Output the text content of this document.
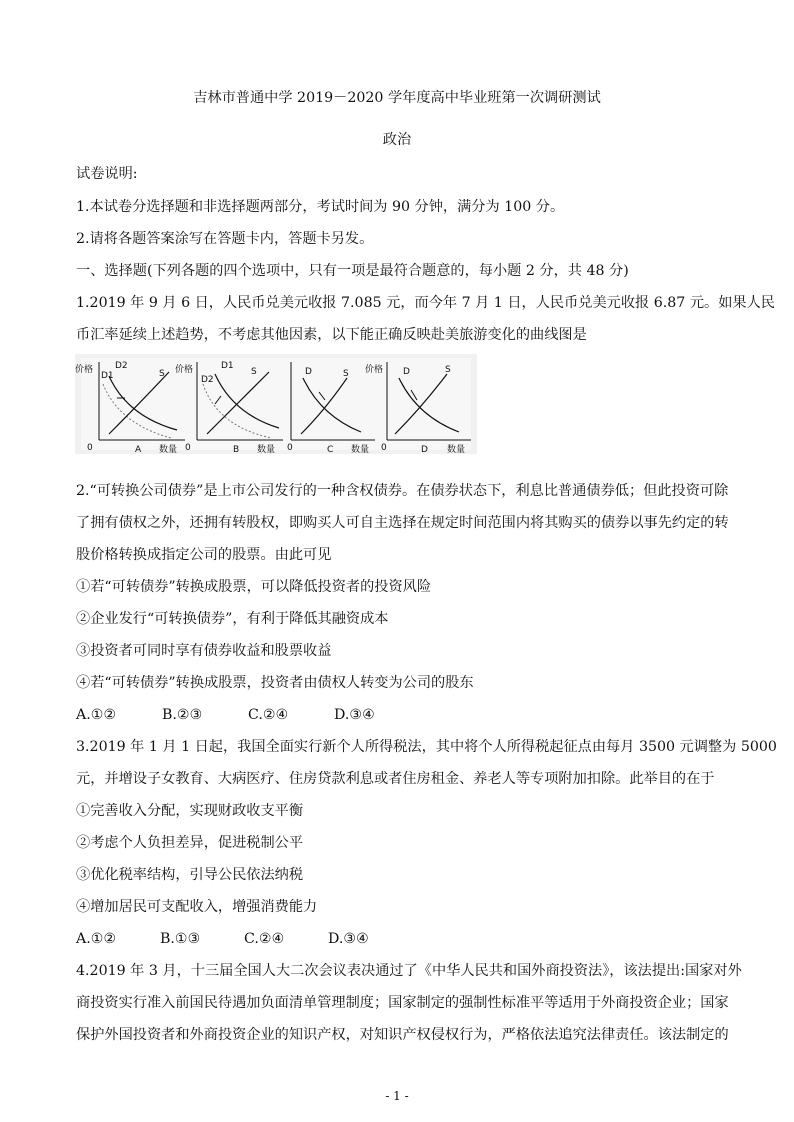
吉林市普通中学 2019－2020 学年度高中毕业班第一次调研测试
政治
试卷说明:
1.本试卷分选择题和非选择题两部分，考试时间为 90 分钟，满分为 100 分。
2.请将各题答案涂写在答题卡内，答题卡另发。
一、选择题(下列各题的四个选项中，只有一项是最符合题意的，每小题 2 分，共 48 分)
1.2019 年 9 月 6 日，人民币兑美元收报 7.085 元，而今年 7 月 1 日，人民币兑美元收报 6.87 元。如果人民
币汇率延续上述趋势，不考虑其他因素，以下能正确反映赴美旅游变化的曲线图是
价格
0	A 数量
D2
D1	S 价格
0	B 数量
D1
D2
S
0	C 数量
D	S 价格
0	D 数量
D	S
2.“可转换公司债券”是上市公司发行的一种含权债券。在债券状态下，利息比普通债券低；但此投资可除
了拥有债权之外，还拥有转股权，即购买人可自主选择在规定时间范围内将其购买的债券以事先约定的转
股价格转换成指定公司的股票。由此可见
①若“可转债券”转换成股票，可以降低投资者的投资风险
②企业发行“可转换债券”，有利于降低其融资成本
③投资者可同时享有债券收益和股票收益
④若“可转债券”转换成股票，投资者由债权人转变为公司的股东
A.①②	B.②③	C.②④	D.③④
3.2019 年 1 月 1 日起，我国全面实行新个人所得税法，其中将个人所得税起征点由每月 3500 元调整为 5000
元，并增设子女教育、大病医疗、住房贷款利息或者住房租金、养老人等专项附加扣除。此举目的在于
①完善收入分配，实现财政收支平衡
②考虑个人负担差异，促进税制公平
③优化税率结构，引导公民依法纳税
④增加居民可支配收入，增强消费能力
A.①②	B.①③	C.②④	D.③④
4.2019 年 3 月，十三届全国人大二次会议表决通过了《中华人民共和国外商投资法》，该法提出:国家对外
商投资实行准入前国民待遇加负面清单管理制度；国家制定的强制性标准平等适用于外商投资企业；国家
保护外国投资者和外商投资企业的知识产权，对知识产权侵权行为，严格依法追究法律责任。该法制定的
- 1 -
